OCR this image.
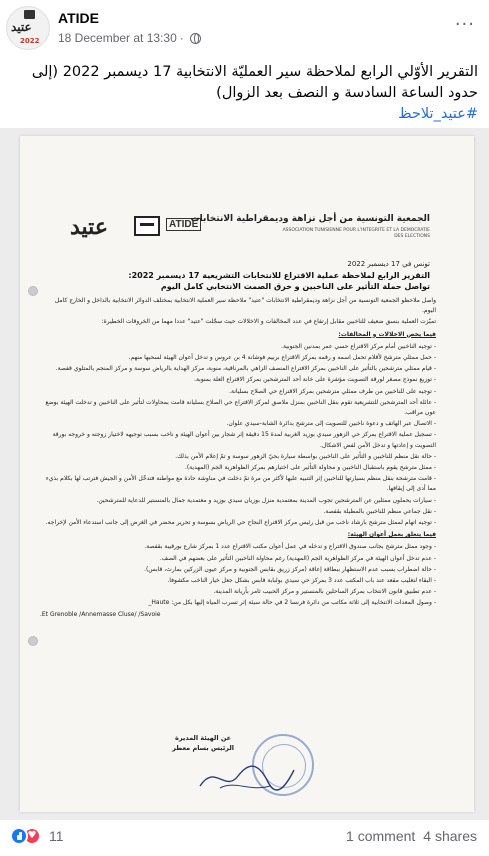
عتيد
2022
ATIDE
18 December at 13:30 ·
···
التقرير الأوّلي الرابع لملاحظة سير العمليّة الانتخابية 17 ديسمبر 2022 (إلى حدود الساعة السادسة و النصف بعد الزوال)
#عتيد_تلاحظ
عتيد	ATIDE
الجمعية التونسية من أجل نزاهة وديمقراطية الانتخابات
ASSOCIATION TUNISIENNE POUR L'INTEGRITE ET LA DEMOCRATIE
DES ELECTIONS
تونس في 17 ديسمبر 2022
التقرير الرابع لملاحظة عملية الاقتراع للانتخابات التشريعية 17 ديسمبر 2022:
تواصل حملة التأثير على الناخبين و خرق الصمت الانتخابي كامل اليوم
واصل ملاحظو الجمعية التونسية من أجل نزاهة وديمقراطية الانتخابات "عتيد" ملاحظة سير العملية الانتخابية بمختلف الدوائر الانتخابية بالداخل و الخارج كامل اليوم.
تميّزت العملية بنسق ضعيف للناخبين مقابل إرتفاع في عدد المخالفات و الاخلالات حيث سجّلت "عتيد" عددا مهما من الخروقات الخطيرة:
فيما يخص الاخلالات و المخالفات:
- توجيه الناخبين أمام مركز الاقتراع حسي عمر بمدنين الجنوبية.
- حمل ممثلي مترشح لأقلام تحمل اسمه و رقمه بمركز الاقتراع بربيم فوشانة 4 بن عروس و تدخل أعوان الهيئة لسحبها منهم.
- قيام ممثلي مترشحين بالتأثير على الناخبين بمركز الاقتراع المنصف الزاهي بالمرناقية، منوبة، مركز الهداية بالرياض سوسة و مركز المنجم بالمتلوي قفصة.
- توزيع نموذج مصغر لورقة التصويت مؤشرة على خانة أحد المترشحين بمركز الاقتراع العلة بمنوبة.
- توجيه على للناخبين من طرف ممثلي مترشحين بمركز الاقتراع حي الصلاح بسليانة.
- عائلة أحد المترشحين للتشريعية تقوم بنقل الناخبين بمنزل ملاصق لمركز الاقتراع حي الصلاح بسليانة قامت بمحاولات لتأثير على الناخبين و تدخلت الهيئة بوضع عون مراقب.
- الاتصال عبر الهاتف و دعوة ناخبين للتصويت إلى مترشح بدائرة الشابة-سيدي علوان.
- تسجيل عملية الاقتراع بمركز حي الزهور سيدي بوزيد الغربية لمدة 15 دقيقة إثر شجار بين أعوان الهيئة و ناخب بسبب توجيهه لاختيار زوجته و خروجه بورقة التصويت و إعادتها و تدخل الأمن لفض الاشكال.
- حالة نقل منظم للناخبين و التأثير على الناخبين بواسطة سيارة بحيّ الزهور سوسة و تمّ إعلام الأمن بذلك.
- ممثل مترشح يقوم باستقبال الناخبين و محاولة التأثير على اختيارهم بمركز الظواهرية الجم (المهدية).
- قامت مترشحة بنقل منظم بسيارتها للناخبين إثر التنبيه عليها لأكثر من مرة تمّ دخلت في مناوشة حادة مع مواطنة فتدخّل الأمن و الجيش فترتب لها بكلام بذيء مما أدى إلى إيقافها.
- سيارات يحملون ممثلين عن المترشحين تجوب المدينة بمعتمدية منزل بوزيان سيدي بوزيد و معتمدية جمال بالمنستير للدعاية للمترشحين.
- نقل جماعي منظم للناخبين بالمظيلة بقفصة.
- توجيه اتهام لممثل مترشح بارشاد ناخب من قبل رئيس مركز الاقتراع النجاح حي الرياض بسوسة و تحرير محضر في الغرض إلى جانب استدعاء الأمن لإخراجه.
فيما يتعلق بعمل أعوان الهيئة:
- وجود ممثل مترشح بجانب صندوق الاقتراع و تدخله في عمل أعوان مكتب الاقتراع عدد 1 بمركز شارع بورقيبة بقفصة.
- عدم تدخل أعوان الهيئة في مركز الظواهرية الجم (المهدية) رغم محاولة الناخبين التأثير على بعضهم في الصف.
- حالة اضطراب بسبب عدم الاستظهار ببطاقة إعاقة (مركز زريق بقابس الجنوبية و مركز عيون الزركين بمارث، قابس).
- البقاء لتغليب مقعد عند باب المكتب عدد 3 بمركز حي سيدي بولبابة قابس بشكل جعل خيار الناخب مكشوفا.
- عدم تطبيق قانون الانتخاب بمركز الساحلين بالمنستير و مركز الحبيب ثامر بأريانة المدينة.
- وصول المعدات الانتخابية إلى ثلاثة مكاتب من دائرة فرنسا 2 في حالة سيئة إثر تسرب المياه إليها بكل من: Haute_
.Et Grenoble /Annemasse Cluse/ /Savoie
عن الهيئة المديرة
الرئيس بسام معطر
♥ 11	1 comment 4 shares
